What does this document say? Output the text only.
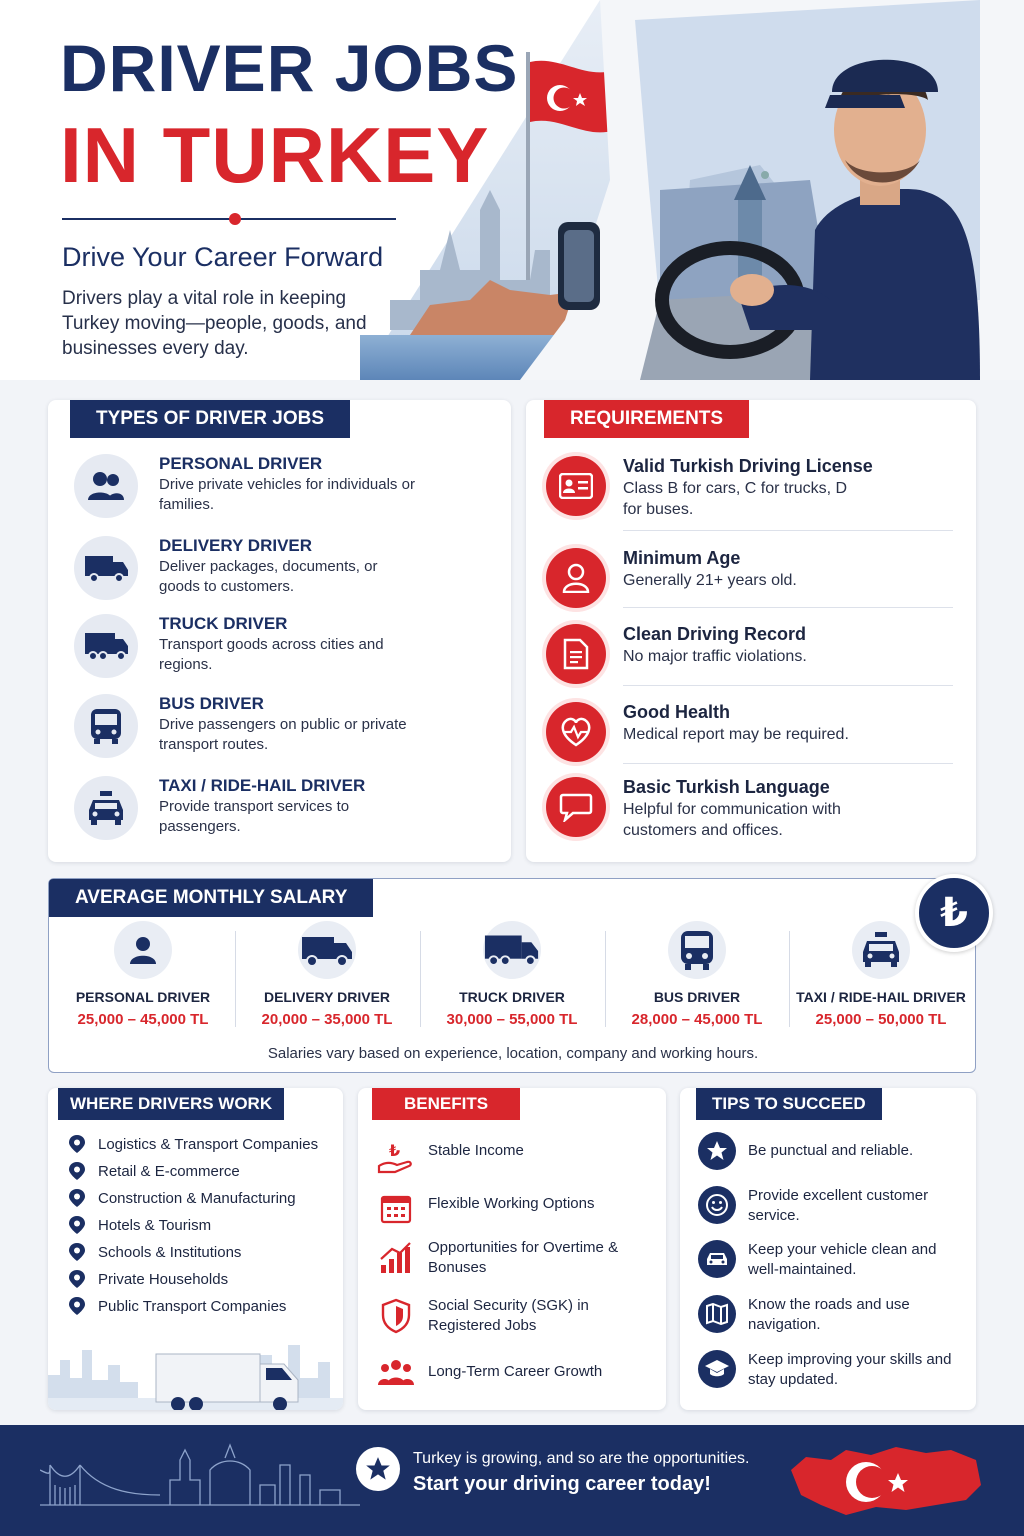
DRIVER JOBS
IN TURKEY
Drive Your Career Forward
Drivers play a vital role in keeping Turkey moving—people, goods, and businesses every day.
TYPES OF DRIVER JOBS
PERSONAL DRIVER
Drive private vehicles for individuals or families.
DELIVERY DRIVER
Deliver packages, documents, or goods to customers.
TRUCK DRIVER
Transport goods across cities and regions.
BUS DRIVER
Drive passengers on public or private transport routes.
TAXI / RIDE-HAIL DRIVER
Provide transport services to passengers.
REQUIREMENTS
Valid Turkish Driving License
Class B for cars, C for trucks, D for buses.
Minimum Age
Generally 21+ years old.
Clean Driving Record
No major traffic violations.
Good Health
Medical report may be required.
Basic Turkish Language
Helpful for communication with customers and offices.
AVERAGE MONTHLY SALARY
PERSONAL DRIVER
25,000 – 45,000 TL
DELIVERY DRIVER
20,000 – 35,000 TL
TRUCK DRIVER
30,000 – 55,000 TL
BUS DRIVER
28,000 – 45,000 TL
TAXI / RIDE-HAIL DRIVER
25,000 – 50,000 TL
Salaries vary based on experience, location, company and working hours.
₺
WHERE DRIVERS WORK
Logistics & Transport Companies
Retail & E-commerce
Construction & Manufacturing
Hotels & Tourism
Schools & Institutions
Private Households
Public Transport Companies
BENEFITS
₺ Stable Income
Flexible Working Options
Opportunities for Overtime & Bonuses
Social Security (SGK) in Registered Jobs
Long-Term Career Growth
TIPS TO SUCCEED
Be punctual and reliable.
Provide excellent customer service.
Keep your vehicle clean and well-maintained.
Know the roads and use navigation.
Keep improving your skills and stay updated.
Turkey is growing, and so are the opportunities.
Start your driving career today!
